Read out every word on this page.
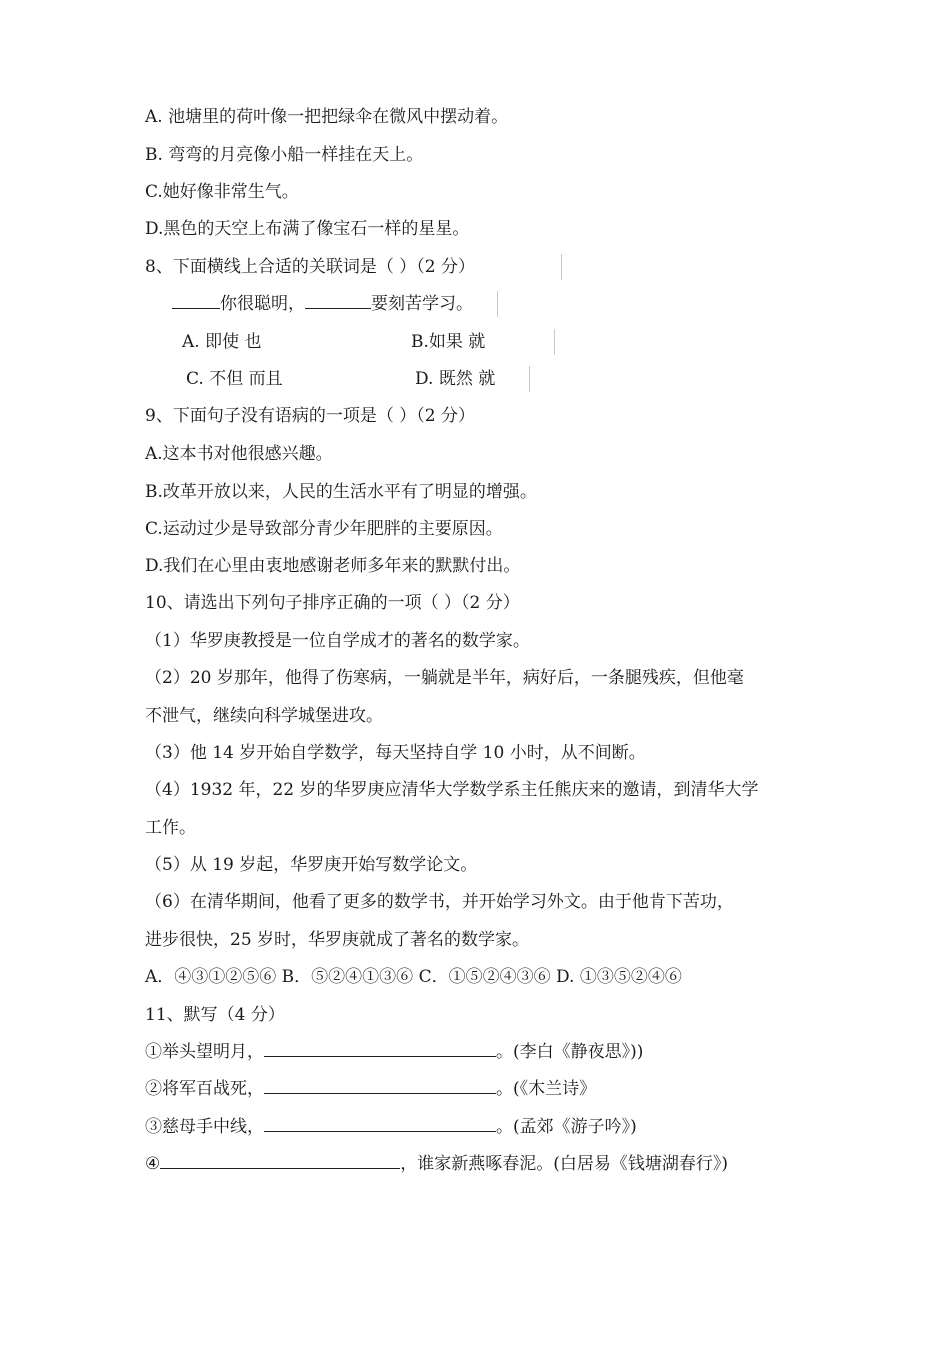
A. 池塘里的荷叶像一把把绿伞在微风中摆动着。
B. 弯弯的月亮像小船一样挂在天上。
C.她好像非常生气。
D.黑色的天空上布满了像宝石一样的星星。
8、下面横线上合适的关联词是（ ）（2 分）
你很聪明，	要刻苦学习。
A. 即使 也	B.如果 就
C. 不但 而且	D. 既然 就
9、下面句子没有语病的一项是（ ）（2 分）
A.这本书对他很感兴趣。
B.改革开放以来，人民的生活水平有了明显的增强。
C.运动过少是导致部分青少年肥胖的主要原因。
D.我们在心里由衷地感谢老师多年来的默默付出。
10、请选出下列句子排序正确的一项（ ）（2 分）
（1）华罗庚教授是一位自学成才的著名的数学家。
（2）20 岁那年，他得了伤寒病，一躺就是半年，病好后，一条腿残疾，但他毫
不泄气，继续向科学城堡进攻。
（3）他 14 岁开始自学数学，每天坚持自学 10 小时，从不间断。
（4）1932 年，22 岁的华罗庚应清华大学数学系主任熊庆来的邀请，到清华大学
工作。
（5）从 19 岁起，华罗庚开始写数学论文。
（6）在清华期间，他看了更多的数学书，并开始学习外文。由于他肯下苦功，
进步很快，25 岁时，华罗庚就成了著名的数学家。
A．④③①②⑤⑥ B．⑤②④①③⑥ C．①⑤②④③⑥ D. ①③⑤②④⑥
11、默写（4 分）
①举头望明月，	。(李白《静夜思》))
②将军百战死，	。(《木兰诗》
③慈母手中线，	。(孟郊《游子吟》)
④	，谁家新燕啄春泥。(白居易《钱塘湖春行》)
